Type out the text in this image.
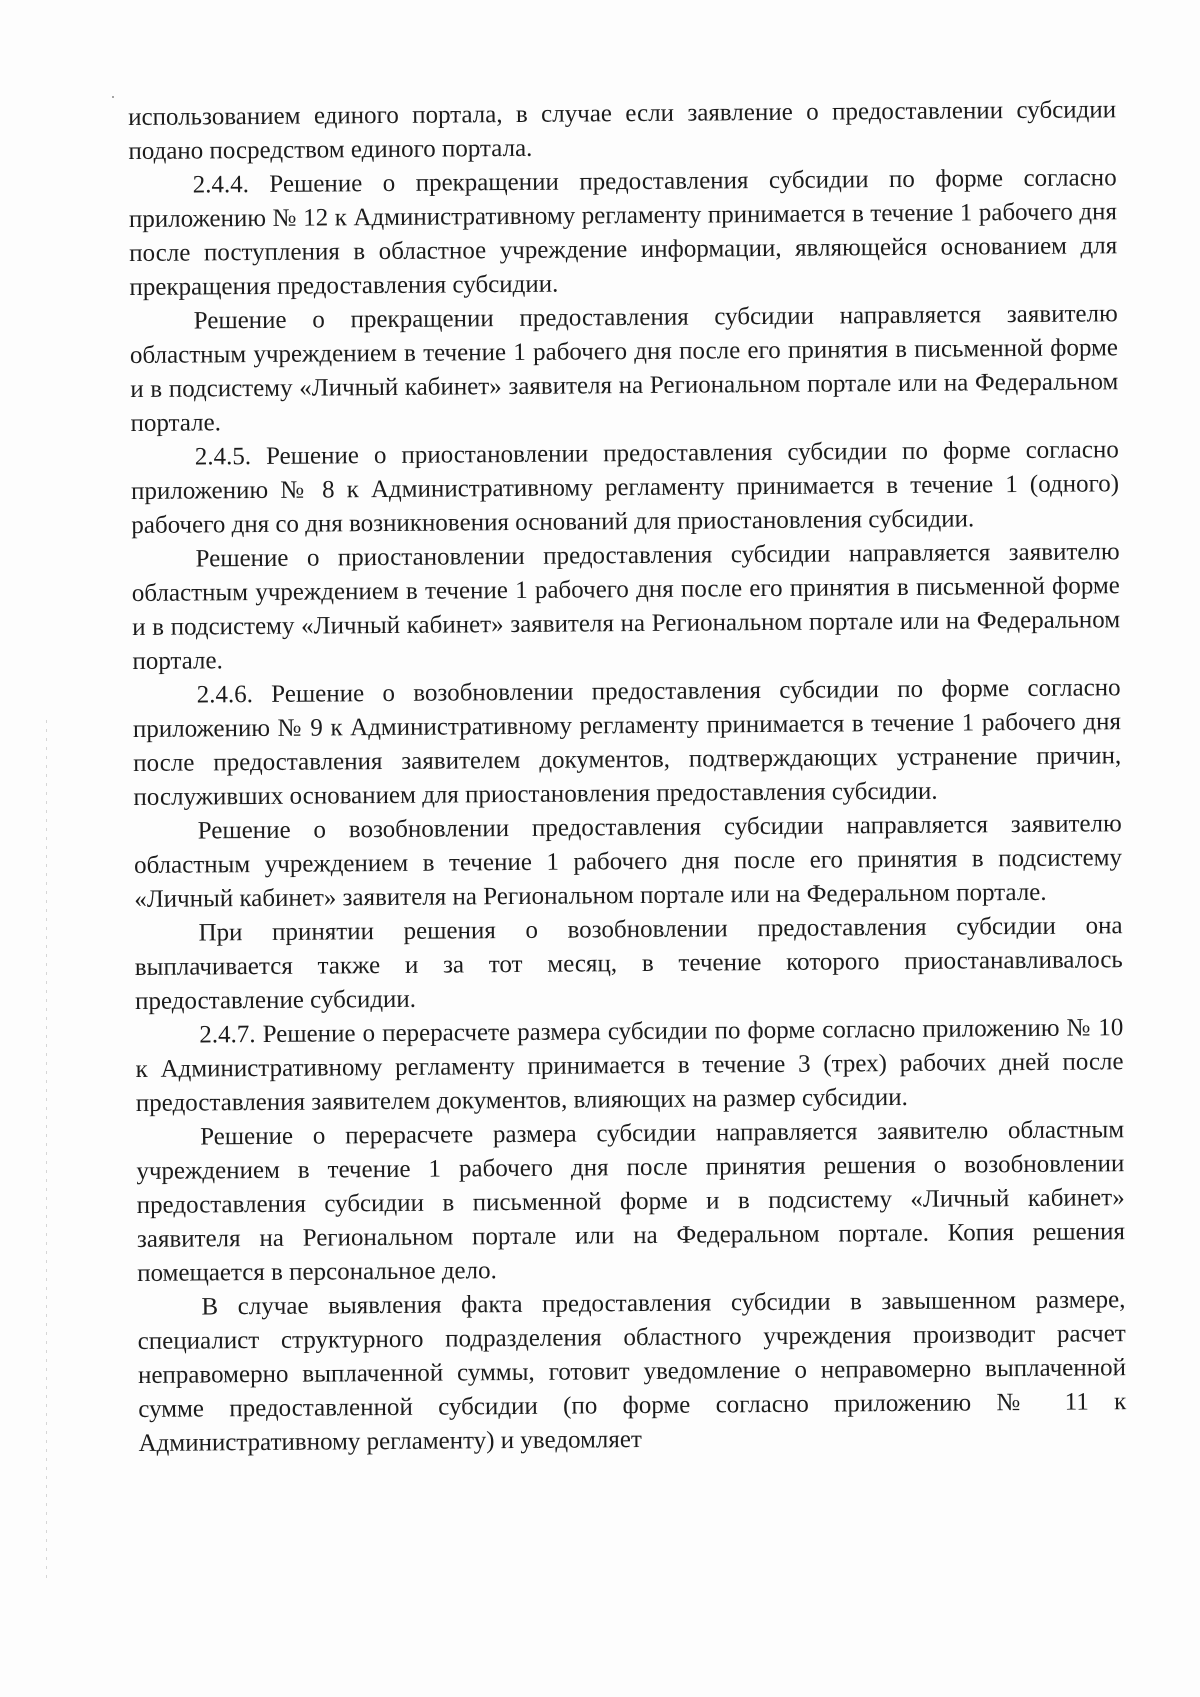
использованием единого портала, в случае если заявление о предоставлении субсидии подано посредством единого портала.

2.4.4. Решение о прекращении предоставления субсидии по форме согласно приложению № 12 к Административному регламенту принимается в течение 1 рабочего дня после поступления в областное учреждение информации, являющейся основанием для прекращения предоставления субсидии.

Решение о прекращении предоставления субсидии направляется заявителю областным учреждением в течение 1 рабочего дня после его принятия в письменной форме и в подсистему «Личный кабинет» заявителя на Региональном портале или на Федеральном портале.

2.4.5. Решение о приостановлении предоставления субсидии по форме согласно приложению № 8 к Административному регламенту принимается в течение 1 (одного) рабочего дня со дня возникновения оснований для приостановления субсидии.

Решение о приостановлении предоставления субсидии направляется заявителю областным учреждением в течение 1 рабочего дня после его принятия в письменной форме и в подсистему «Личный кабинет» заявителя на Региональном портале или на Федеральном портале.

2.4.6. Решение о возобновлении предоставления субсидии по форме согласно приложению № 9 к Административному регламенту принимается в течение 1 рабочего дня после предоставления заявителем документов, подтверждающих устранение причин, послуживших основанием для приостановления предоставления субсидии.

Решение о возобновлении предоставления субсидии направляется заявителю областным учреждением в течение 1 рабочего дня после его принятия в подсистему «Личный кабинет» заявителя на Региональном портале или на Федеральном портале.

При принятии решения о возобновлении предоставления субсидии она выплачивается также и за тот месяц, в течение которого приостанавливалось предоставление субсидии.

2.4.7. Решение о перерасчете размера субсидии по форме согласно приложению № 10 к Административному регламенту принимается в течение 3 (трех) рабочих дней после предоставления заявителем документов, влияющих на размер субсидии.

Решение о перерасчете размера субсидии направляется заявителю областным учреждением в течение 1 рабочего дня после принятия решения о возобновлении предоставления субсидии в письменной форме и в подсистему «Личный кабинет» заявителя на Региональном портале или на Федеральном портале. Копия решения помещается в персональное дело.

В случае выявления факта предоставления субсидии в завышенном размере, специалист структурного подразделения областного учреждения производит расчет неправомерно выплаченной суммы, готовит уведомление о неправомерно выплаченной сумме предоставленной субсидии (по форме согласно приложению № 11 к Административному регламенту) и уведомляет
